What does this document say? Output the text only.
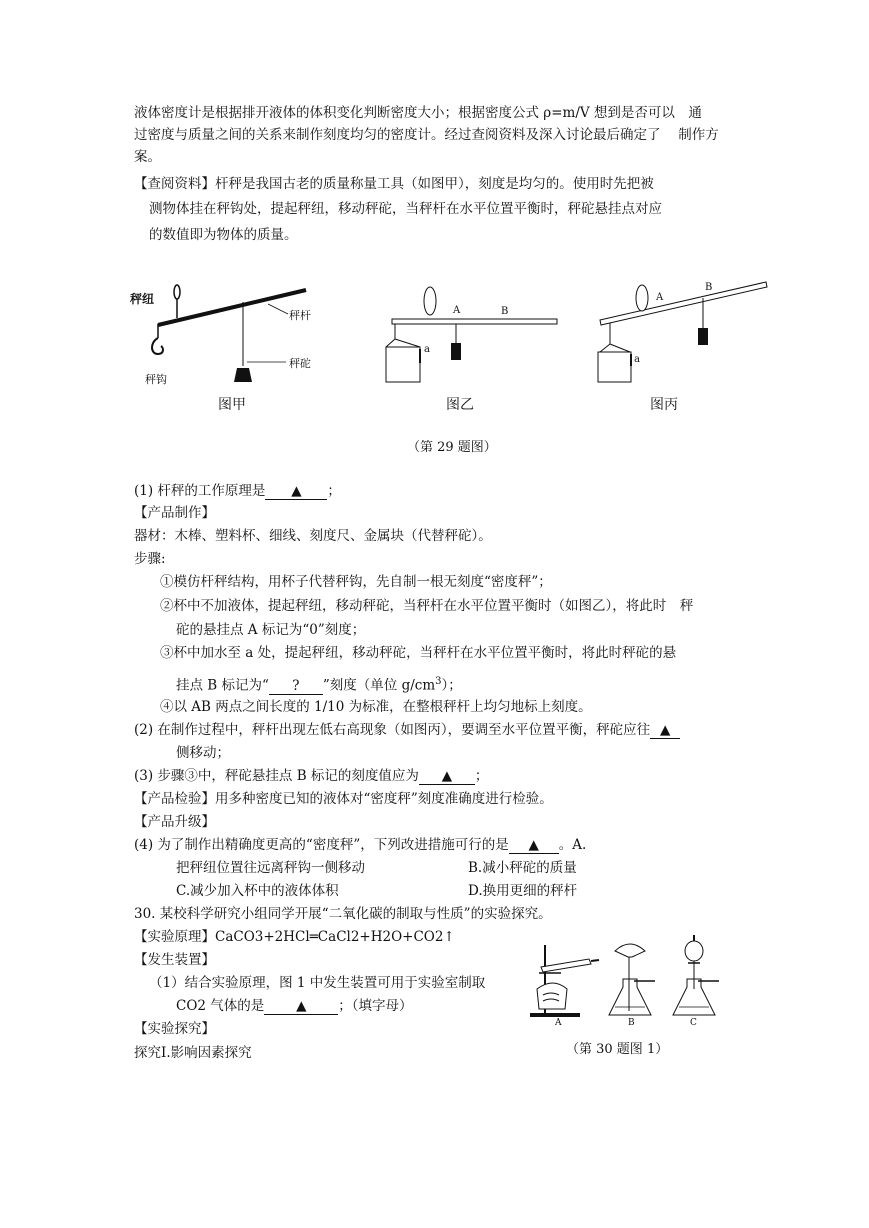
液体密度计是根据排开液体的体积变化判断密度大小；根据密度公式 ρ=m/V 想到是否可以　通
过密度与质量之间的关系来制作刻度均匀的密度计。经过查阅资料及深入讨论最后确定了　 制作方
案。
【查阅资料】杆秤是我国古老的质量称量工具（如图甲），刻度是均匀的。使用时先把被
测物体挂在秤钩处，提起秤纽，移动秤砣，当秤杆在水平位置平衡时，秤砣悬挂点对应
的数值即为物体的质量。
秤纽
秤杆
秤砣
秤钩
图甲
A	B
a
图乙
A
B
a
图丙
（第 29 题图）
(1) 杆秤的工作原理是 ▲ ；
【产品制作】
器材：木棒、塑料杯、细线、刻度尺、金属块（代替秤砣）。
步骤:
①模仿杆秤结构，用杯子代替秤钩，先自制一根无刻度“密度秤”；
②杯中不加液体，提起秤纽，移动秤砣，当秤杆在水平位置平衡时（如图乙），将此时　秤
砣的悬挂点 A 标记为“0”刻度；
③杯中加水至 a 处，提起秤纽，移动秤砣，当秤杆在水平位置平衡时，将此时秤砣的悬
挂点 B 标记为“ ? ”刻度（单位 $g/cm^3$）；
④以 AB 两点之间长度的 1/10 为标准，在整根秤杆上均匀地标上刻度。
(2) 在制作过程中，秤杆出现左低右高现象（如图丙），要调至水平位置平衡，秤砣应往 ▲
侧移动；
(3) 步骤③中，秤砣悬挂点 B 标记的刻度值应为 ▲ ；
【产品检验】用多种密度已知的液体对“密度秤”刻度准确度进行检验。
【产品升级】
(4) 为了制作出精确度更高的“密度秤”，下列改进措施可行的是 ▲ 。A.
把秤纽位置往远离秤钩一侧移动	B.减小秤砣的质量
C.减少加入杯中的液体体积	D.换用更细的秤杆
30. 某校科学研究小组同学开展“二氧化碳的制取与性质”的实验探究。
【实验原理】CaCO3+2HCl═CaCl2+H2O+CO2↑
【发生装置】
（1）结合实验原理，图 1 中发生装置可用于实验室制取
CO2 气体的是 ▲ ；（填字母）
【实验探究】
探究Ⅰ.影响因素探究
A	B	C
（第 30 题图 1）
